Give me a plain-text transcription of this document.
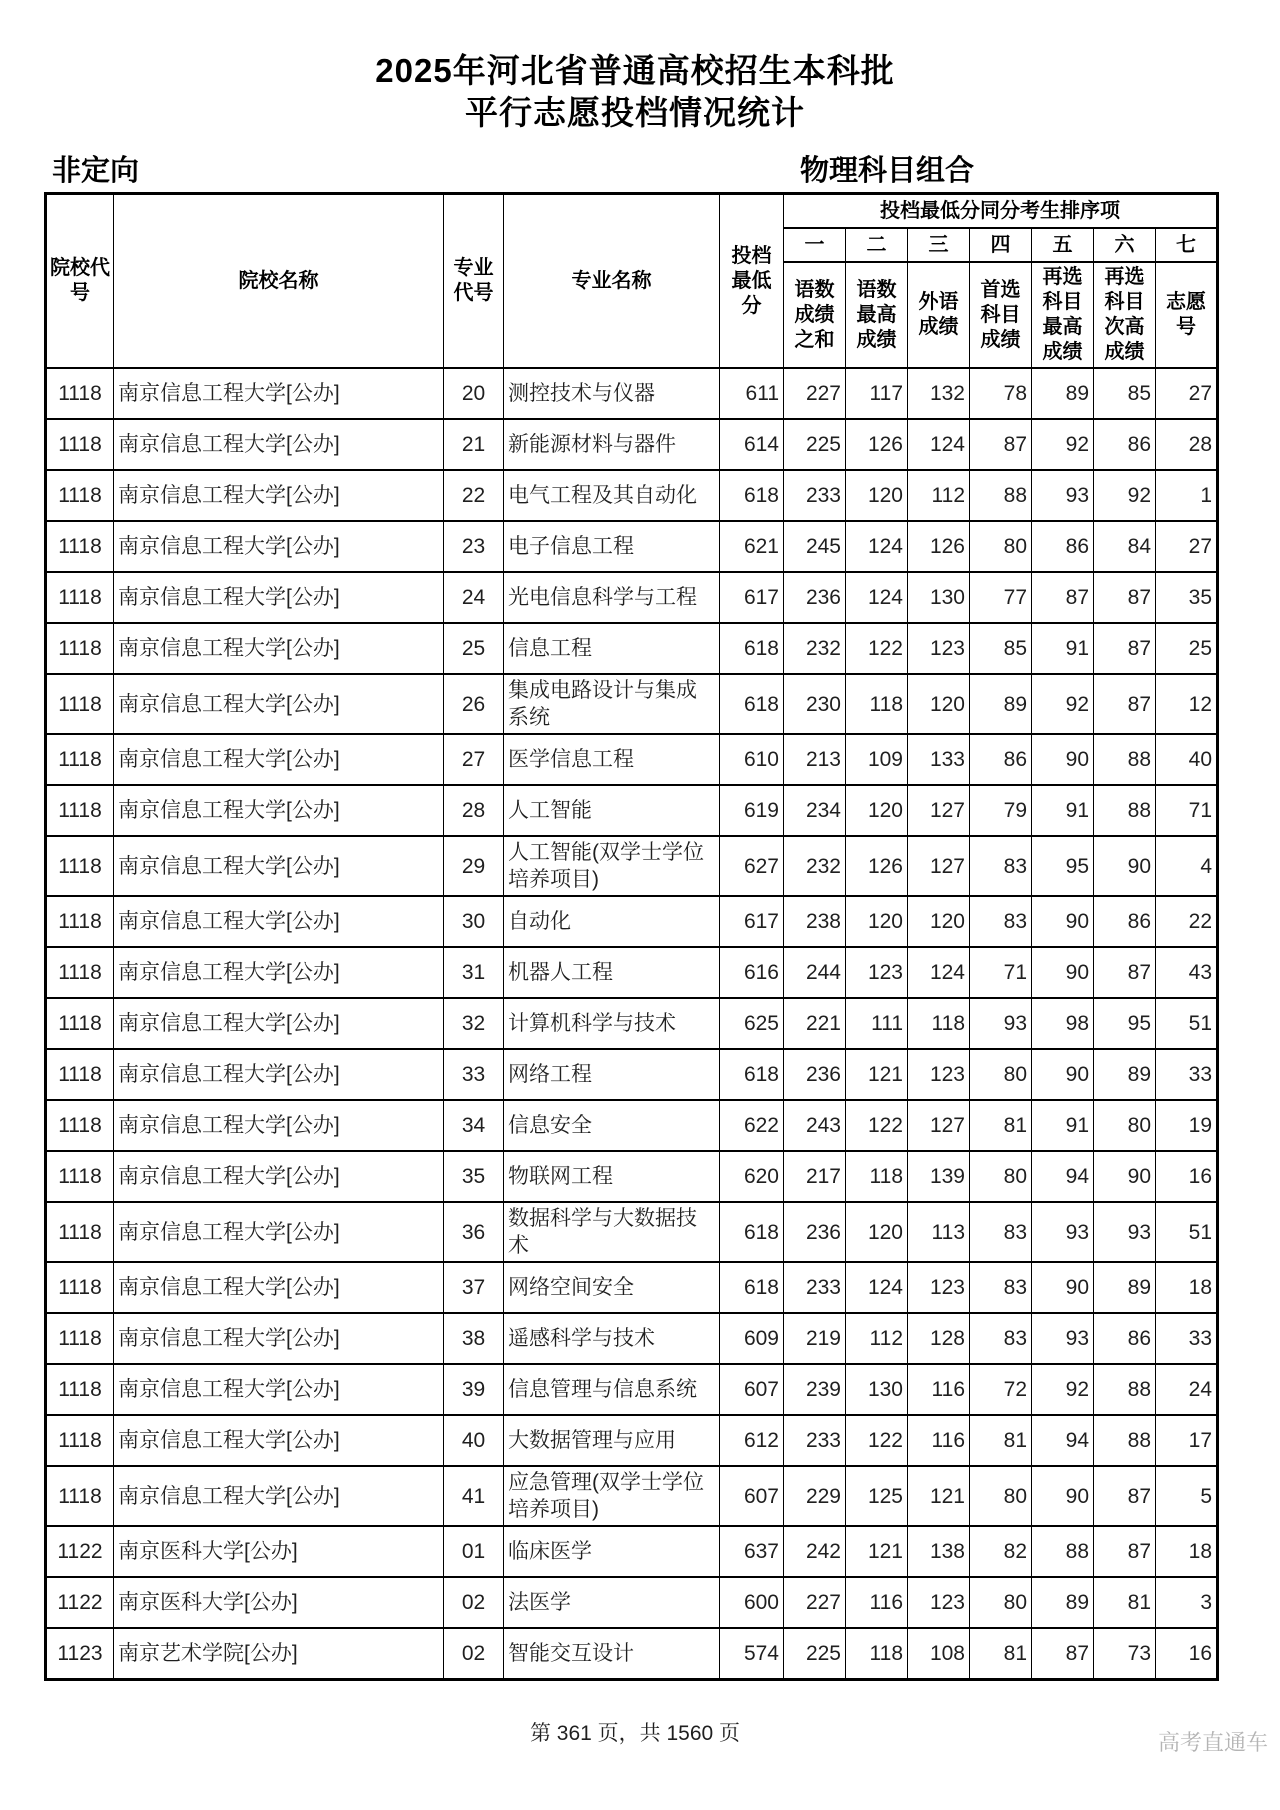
2025年河北省普通高校招生本科批
平行志愿投档情况统计
非定向	物理科目组合
院校代号	院校名称	专业代号	专业名称	投档最低分	投档最低分同分考生排序项						
					一	二	三	四	五	六	七
					语数成绩之和	语数最高成绩	外语成绩	首选科目成绩	再选科目最高成绩	再选科目次高成绩	志愿号
1118	南京信息工程大学[公办]	20	测控技术与仪器	611	227	117	132	78	89	85	27
1118	南京信息工程大学[公办]	21	新能源材料与器件	614	225	126	124	87	92	86	28
1118	南京信息工程大学[公办]	22	电气工程及其自动化	618	233	120	112	88	93	92	1
1118	南京信息工程大学[公办]	23	电子信息工程	621	245	124	126	80	86	84	27
1118	南京信息工程大学[公办]	24	光电信息科学与工程	617	236	124	130	77	87	87	35
1118	南京信息工程大学[公办]	25	信息工程	618	232	122	123	85	91	87	25
1118	南京信息工程大学[公办]	26	集成电路设计与集成系统	618	230	118	120	89	92	87	12
1118	南京信息工程大学[公办]	27	医学信息工程	610	213	109	133	86	90	88	40
1118	南京信息工程大学[公办]	28	人工智能	619	234	120	127	79	91	88	71
1118	南京信息工程大学[公办]	29	人工智能(双学士学位培养项目)	627	232	126	127	83	95	90	4
1118	南京信息工程大学[公办]	30	自动化	617	238	120	120	83	90	86	22
1118	南京信息工程大学[公办]	31	机器人工程	616	244	123	124	71	90	87	43
1118	南京信息工程大学[公办]	32	计算机科学与技术	625	221	111	118	93	98	95	51
1118	南京信息工程大学[公办]	33	网络工程	618	236	121	123	80	90	89	33
1118	南京信息工程大学[公办]	34	信息安全	622	243	122	127	81	91	80	19
1118	南京信息工程大学[公办]	35	物联网工程	620	217	118	139	80	94	90	16
1118	南京信息工程大学[公办]	36	数据科学与大数据技术	618	236	120	113	83	93	93	51
1118	南京信息工程大学[公办]	37	网络空间安全	618	233	124	123	83	90	89	18
1118	南京信息工程大学[公办]	38	遥感科学与技术	609	219	112	128	83	93	86	33
1118	南京信息工程大学[公办]	39	信息管理与信息系统	607	239	130	116	72	92	88	24
1118	南京信息工程大学[公办]	40	大数据管理与应用	612	233	122	116	81	94	88	17
1118	南京信息工程大学[公办]	41	应急管理(双学士学位培养项目)	607	229	125	121	80	90	87	5
1122	南京医科大学[公办]	01	临床医学	637	242	121	138	82	88	87	18
1122	南京医科大学[公办]	02	法医学	600	227	116	123	80	89	81	3
1123	南京艺术学院[公办]	02	智能交互设计	574	225	118	108	81	87	73	16
第 361 页，共 1560 页	高考直通车
